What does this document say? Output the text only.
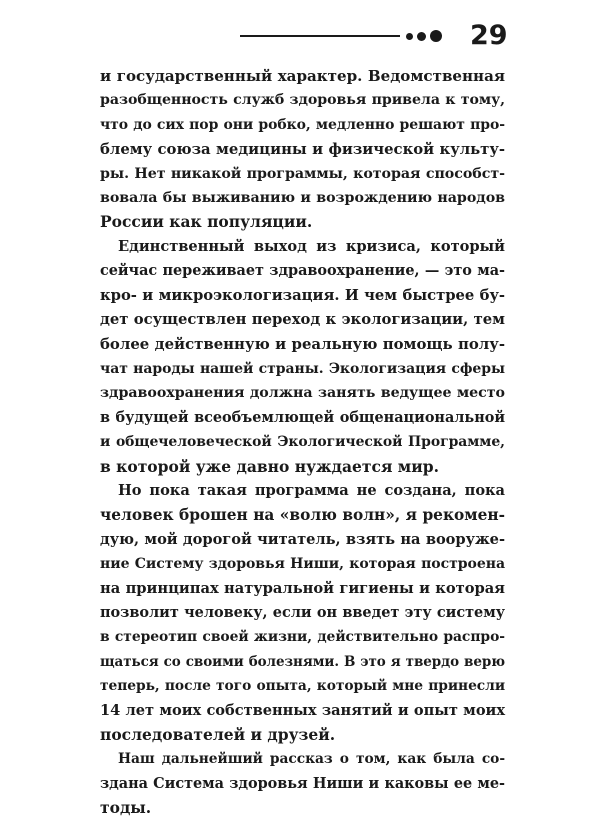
29

и государственный характер. Ведомственная
разобщенность служб здоровья привела к тому,
что до сих пор они робко, медленно решают про-
блему союза медицины и физической культу-
ры. Нет никакой программы, которая способст-
вовала бы выживанию и возрождению народов
России как популяции.

Единственный выход из кризиса, который
сейчас переживает здравоохранение, — это ма-
кро- и микроэкологизация. И чем быстрее бу-
дет осуществлен переход к экологизации, тем
более действенную и реальную помощь полу-
чат народы нашей страны. Экологизация сферы
здравоохранения должна занять ведущее место
в будущей всеобъемлющей общенациональной
и общечеловеческой Экологической Программе,
в которой уже давно нуждается мир.

Но пока такая программа не создана, пока
человек брошен на «волю волн», я рекомен-
дую, мой дорогой читатель, взять на вооруже-
ние Систему здоровья Ниши, которая построена
на принципах натуральной гигиены и которая
позволит человеку, если он введет эту систему
в стереотип своей жизни, действительно распро-
щаться со своими болезнями. В это я твердо верю
теперь, после того опыта, который мне принесли
14 лет моих собственных занятий и опыт моих
последователей и друзей.

Наш дальнейший рассказ о том, как была со-
здана Система здоровья Ниши и каковы ее ме-
тоды.
